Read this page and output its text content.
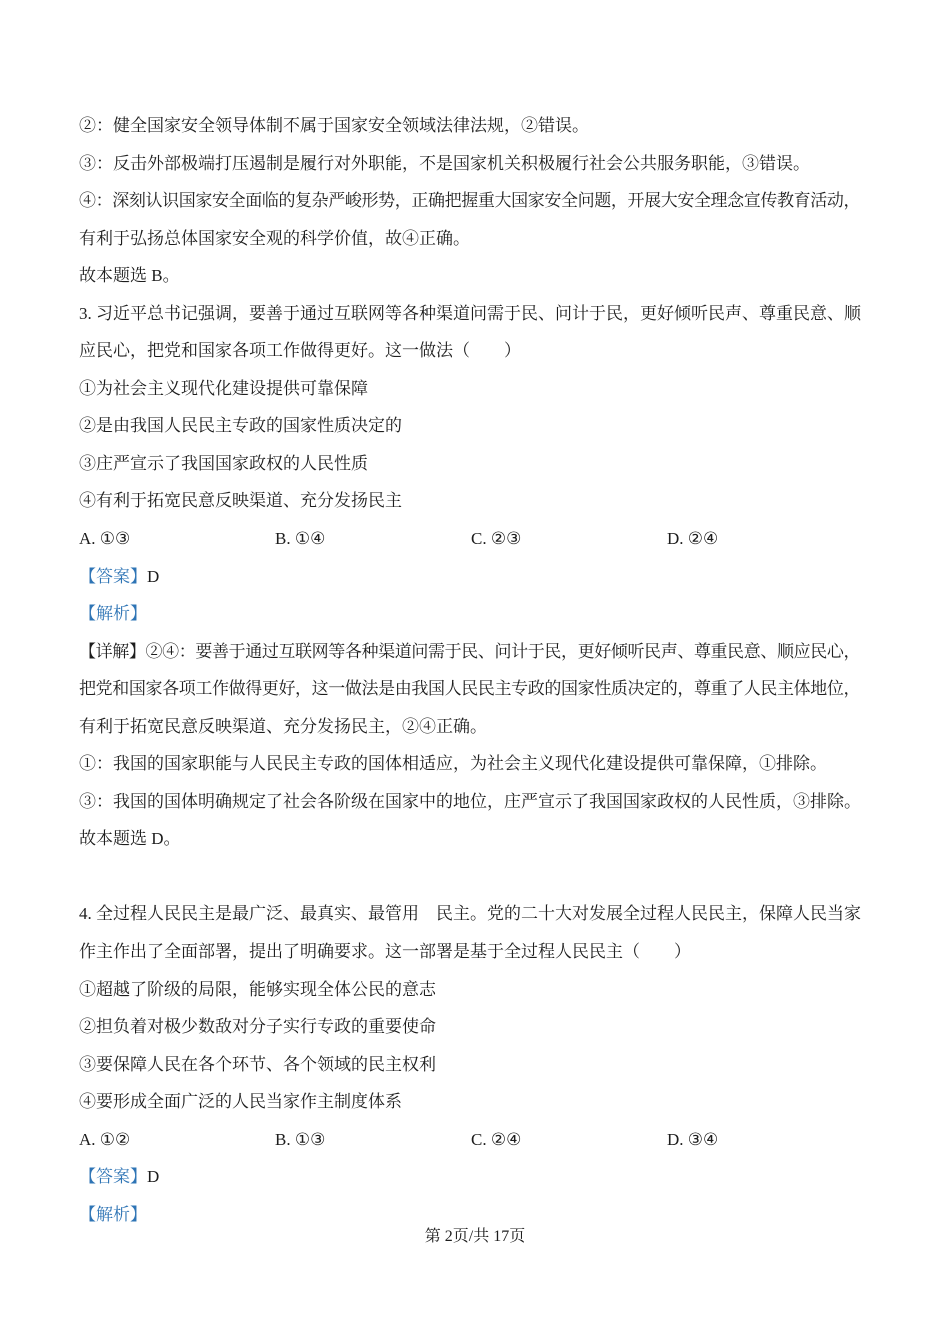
②：健全国家安全领导体制不属于国家安全领域法律法规，②错误。
③：反击外部极端打压遏制是履行对外职能，不是国家机关积极履行社会公共服务职能，③错误。
④：深刻认识国家安全面临的复杂严峻形势，正确把握重大国家安全问题，开展大安全理念宣传教育活动，
有利于弘扬总体国家安全观的科学价值，故④正确。
故本题选 B。
3. 习近平总书记强调，要善于通过互联网等各种渠道问需于民、问计于民，更好倾听民声、尊重民意、顺
应民心，把党和国家各项工作做得更好。这一做法（　　）
①为社会主义现代化建设提供可靠保障
②是由我国人民民主专政的国家性质决定的
③庄严宣示了我国国家政权的人民性质
④有利于拓宽民意反映渠道、充分发扬民主
A. ①③	B. ①④	C. ②③	D. ②④
【答案】D
【解析】
【详解】②④：要善于通过互联网等各种渠道问需于民、问计于民，更好倾听民声、尊重民意、顺应民心，
把党和国家各项工作做得更好，这一做法是由我国人民民主专政的国家性质决定的，尊重了人民主体地位，
有利于拓宽民意反映渠道、充分发扬民主，②④正确。
①：我国的国家职能与人民民主专政的国体相适应，为社会主义现代化建设提供可靠保障，①排除。
③：我国的国体明确规定了社会各阶级在国家中的地位，庄严宣示了我国国家政权的人民性质，③排除。
故本题选 D。
4. 全过程人民民主是最广泛、最真实、最管用　民主。党的二十大对发展全过程人民民主，保障人民当家
作主作出了全面部署，提出了明确要求。这一部署是基于全过程人民民主（　　）
①超越了阶级的局限，能够实现全体公民的意志
②担负着对极少数敌对分子实行专政的重要使命
③要保障人民在各个环节、各个领域的民主权利
④要形成全面广泛的人民当家作主制度体系
A. ①②	B. ①③	C. ②④	D. ③④
【答案】D
【解析】
第 2页/共 17页
